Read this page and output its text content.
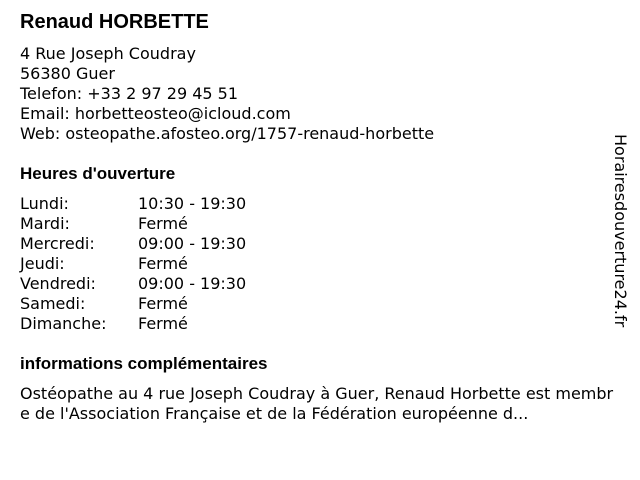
Renaud HORBETTE
4 Rue Joseph Coudray
56380 Guer
Telefon: +33 2 97 29 45 51
Email: horbetteosteo@icloud.com
Web: osteopathe.afosteo.org/1757-renaud-horbette
Heures d'ouverture
Lundi:	10:30 - 19:30
Mardi:	Fermé
Mercredi:	09:00 - 19:30
Jeudi:	Fermé
Vendredi:	09:00 - 19:30
Samedi:	Fermé
Dimanche: Fermé
informations complémentaires
Ostéopathe au 4 rue Joseph Coudray à Guer, Renaud Horbette est membre de l'Association Française et de la Fédération européenne d...
Horairesdouverture24.fr
